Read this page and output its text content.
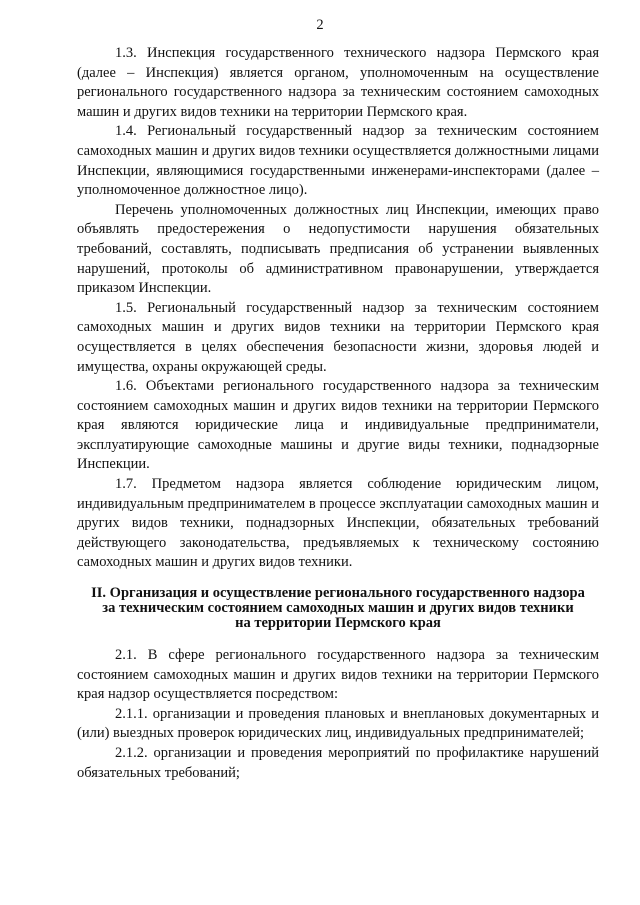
2

1.3. Инспекция государственного технического надзора Пермского края (далее – Инспекция) является органом, уполномоченным на осуществление регионального государственного надзора за техническим состоянием самоходных машин и других видов техники на территории Пермского края.

1.4. Региональный государственный надзор за техническим состоянием самоходных машин и других видов техники осуществляется должностными лицами Инспекции, являющимися государственными инженерами-инспекторами (далее – уполномоченное должностное лицо).

Перечень уполномоченных должностных лиц Инспекции, имеющих право объявлять предостережения о недопустимости нарушения обязательных требований, составлять, подписывать предписания об устранении выявленных нарушений, протоколы об административном правонарушении, утверждается приказом Инспекции.

1.5. Региональный государственный надзор за техническим состоянием самоходных машин и других видов техники на территории Пермского края осуществляется в целях обеспечения безопасности жизни, здоровья людей и имущества, охраны окружающей среды.

1.6. Объектами регионального государственного надзора за техническим состоянием самоходных машин и других видов техники на территории Пермского края являются юридические лица и индивидуальные предприниматели, эксплуатирующие самоходные машины и другие виды техники, поднадзорные Инспекции.

1.7. Предметом надзора является соблюдение юридическим лицом, индивидуальным предпринимателем в процессе эксплуатации самоходных машин и других видов техники, поднадзорных Инспекции, обязательных требований действующего законодательства, предъявляемых к техническому состоянию самоходных машин и других видов техники.

II. Организация и осуществление регионального государственного надзора
за техническим состоянием самоходных машин и других видов техники
на территории Пермского края

2.1. В сфере регионального государственного надзора за техническим состоянием самоходных машин и других видов техники на территории Пермского края надзор осуществляется посредством:

2.1.1. организации и проведения плановых и внеплановых документарных и (или) выездных проверок юридических лиц, индивидуальных предпринимателей;

2.1.2. организации и проведения мероприятий по профилактике нарушений обязательных требований;
